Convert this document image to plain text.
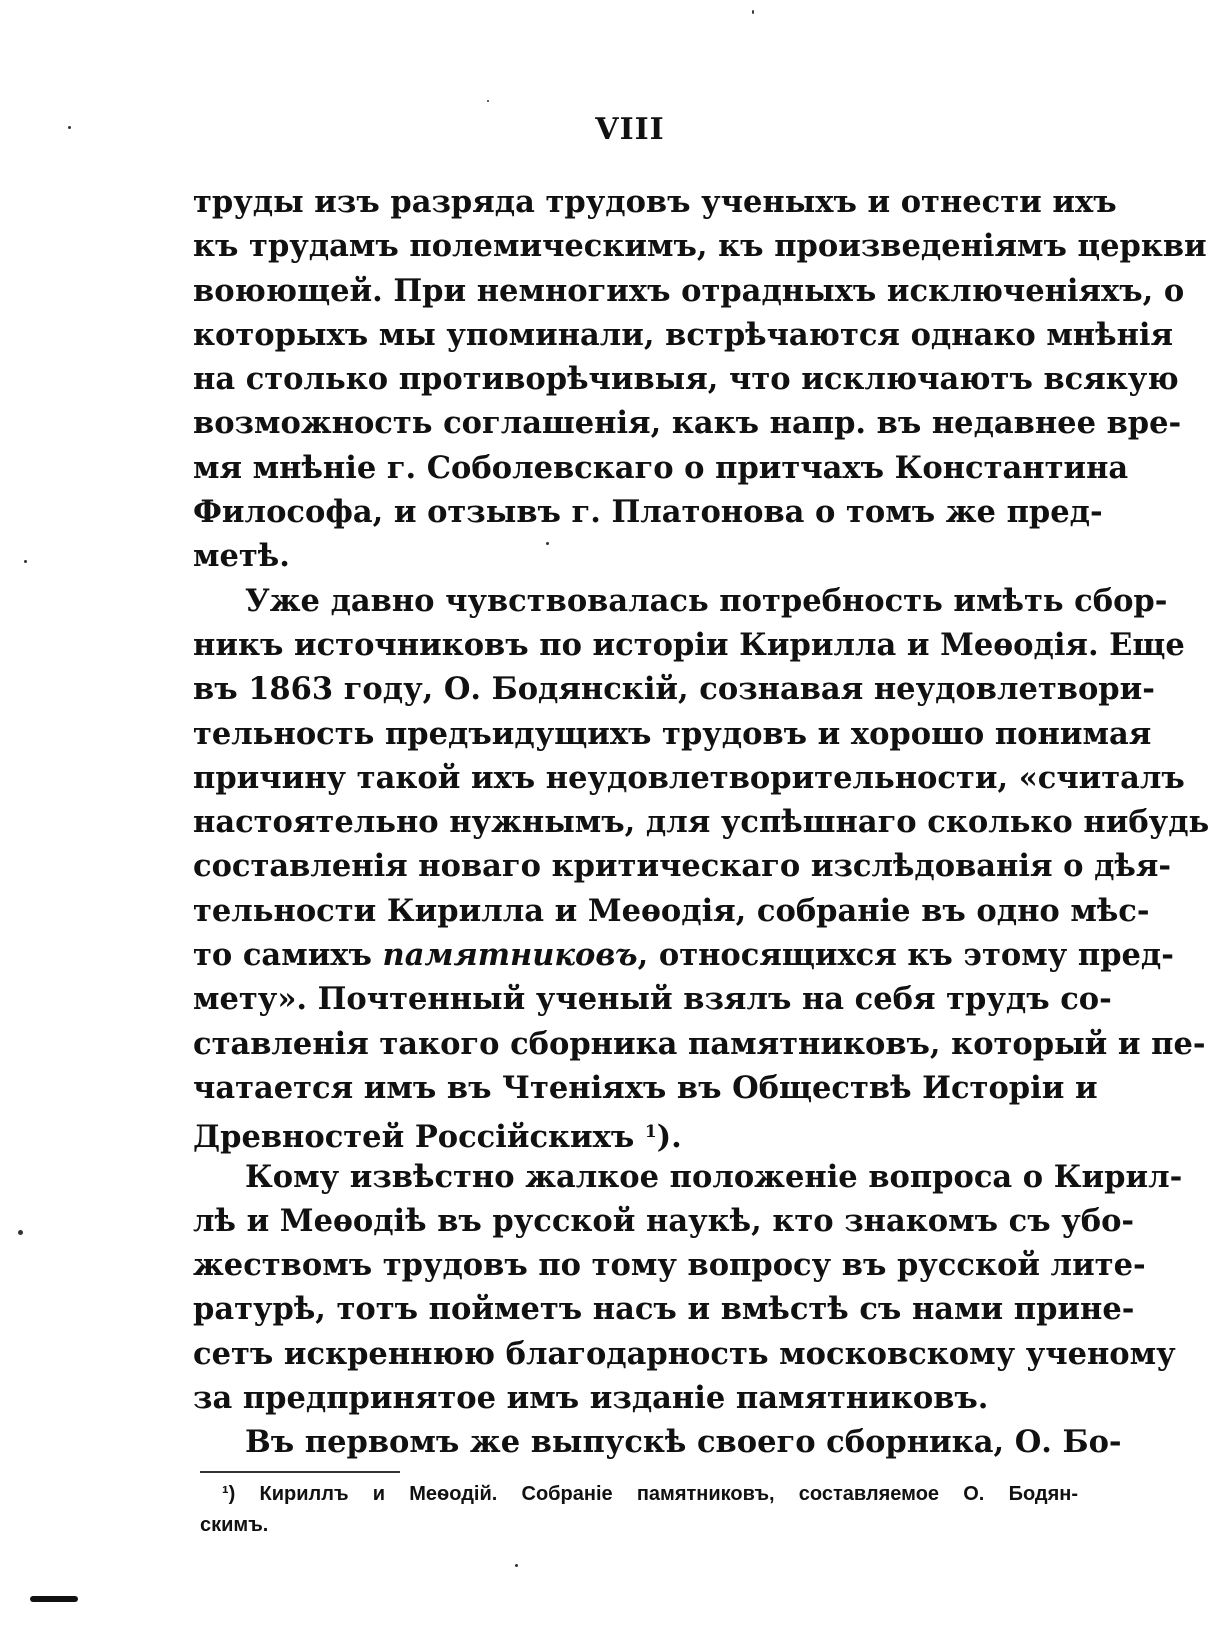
VIII
труды изъ разряда трудовъ ученыхъ и отнести ихъ
къ трудамъ полемическимъ, къ произведеніямъ церкви
воюющей. При немногихъ отрадныхъ исключеніяхъ, о
которыхъ мы упоминали, встрѣчаются однако мнѣнія
на столько противорѣчивыя, что исключаютъ всякую
возможность соглашенія, какъ напр. въ недавнее вре-
мя мнѣніе г. Соболевскаго о притчахъ Константина
Философа, и отзывъ г. Платонова о томъ же пред-
метѣ.
Уже давно чувствовалась потребность имѣть сбор-
никъ источниковъ по исторіи Кирилла и Меѳодія. Еще
въ 1863 году, О. Бодянскій, сознавая неудовлетвори-
тельность предъидущихъ трудовъ и хорошо понимая
причину такой ихъ неудовлетворительности, «считалъ
настоятельно нужнымъ, для успѣшнаго сколько нибудь
составленія новаго критическаго изслѣдованія о дѣя-
тельности Кирилла и Меѳодія, собраніе въ одно мѣс-
то самихъ памятниковъ, относящихся къ этому пред-
мету». Почтенный ученый взялъ на себя трудъ со-
ставленія такого сборника памятниковъ, который и пе-
чатается имъ въ Чтеніяхъ въ Обществѣ Исторіи и
Древностей Россійскихъ $^1$).
Кому извѣстно жалкое положеніе вопроса о Кирил-
лѣ и Меѳодіѣ въ русской наукѣ, кто знакомъ съ убо-
жествомъ трудовъ по тому вопросу въ русской лите-
ратурѣ, тотъ пойметъ насъ и вмѣстѣ съ нами прине-
сетъ искреннюю благодарность московскому ученому
за предпринятое имъ изданіе памятниковъ.
Въ первомъ же выпускѣ своего сборника, О. Бо-
¹) Кириллъ и Меѳодій. Собраніе памятниковъ, составляемое О. Бодян-
скимъ.
